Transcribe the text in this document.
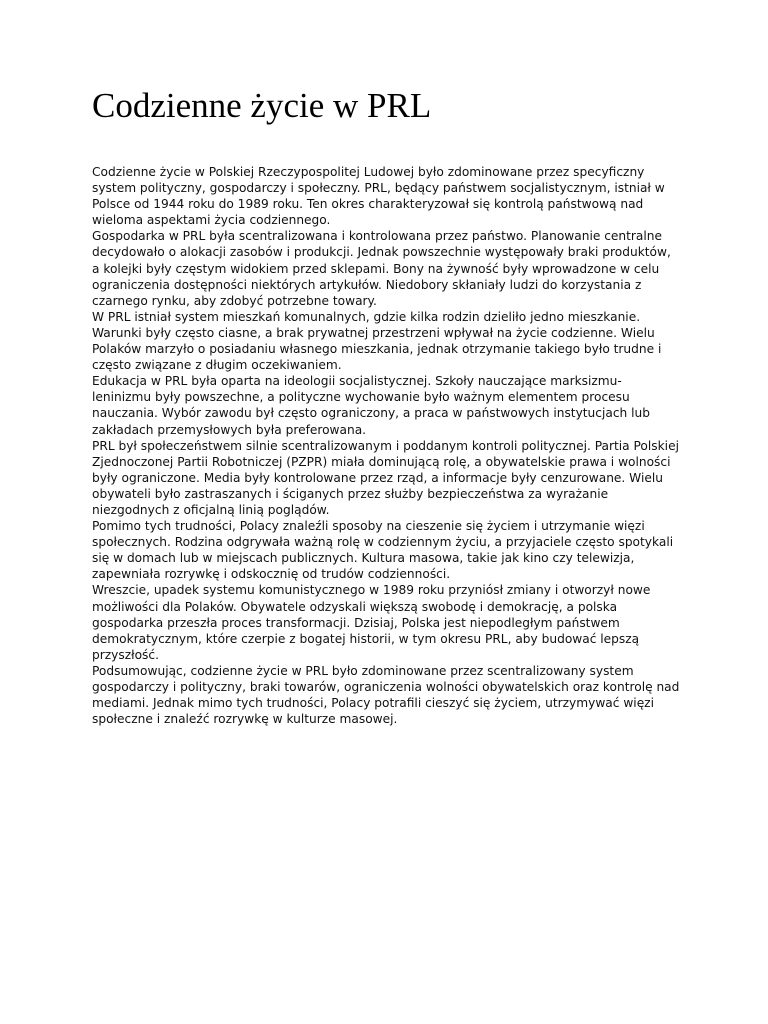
Codzienne życie w PRL

Codzienne życie w Polskiej Rzeczypospolitej Ludowej było zdominowane przez specyficzny system polityczny, gospodarczy i społeczny. PRL, będący państwem socjalistycznym, istniał w Polsce od 1944 roku do 1989 roku. Ten okres charakteryzował się kontrolą państwową nad wieloma aspektami życia codziennego.

Gospodarka w PRL była scentralizowana i kontrolowana przez państwo. Planowanie centralne decydowało o alokacji zasobów i produkcji. Jednak powszechnie występowały braki produktów, a kolejki były częstym widokiem przed sklepami. Bony na żywność były wprowadzone w celu ograniczenia dostępności niektórych artykułów. Niedobory skłaniały ludzi do korzystania z czarnego rynku, aby zdobyć potrzebne towary.

W PRL istniał system mieszkań komunalnych, gdzie kilka rodzin dzieliło jedno mieszkanie. Warunki były często ciasne, a brak prywatnej przestrzeni wpływał na życie codzienne. Wielu Polaków marzyło o posiadaniu własnego mieszkania, jednak otrzymanie takiego było trudne i często związane z długim oczekiwaniem.

Edukacja w PRL była oparta na ideologii socjalistycznej. Szkoły nauczające marksizmu-leninizmu były powszechne, a polityczne wychowanie było ważnym elementem procesu nauczania. Wybór zawodu był często ograniczony, a praca w państwowych instytucjach lub zakładach przemysłowych była preferowana.

PRL był społeczeństwem silnie scentralizowanym i poddanym kontroli politycznej. Partia Polskiej Zjednoczonej Partii Robotniczej (PZPR) miała dominującą rolę, a obywatelskie prawa i wolności były ograniczone. Media były kontrolowane przez rząd, a informacje były cenzurowane. Wielu obywateli było zastraszanych i ściganych przez służby bezpieczeństwa za wyrażanie niezgodnych z oficjalną linią poglądów.

Pomimo tych trudności, Polacy znaleźli sposoby na cieszenie się życiem i utrzymanie więzi społecznych. Rodzina odgrywała ważną rolę w codziennym życiu, a przyjaciele często spotykali się w domach lub w miejscach publicznych. Kultura masowa, takie jak kino czy telewizja, zapewniała rozrywkę i odskocznię od trudów codzienności.

Wreszcie, upadek systemu komunistycznego w 1989 roku przyniósł zmiany i otworzył nowe możliwości dla Polaków. Obywatele odzyskali większą swobodę i demokrację, a polska gospodarka przeszła proces transformacji. Dzisiaj, Polska jest niepodległym państwem demokratycznym, które czerpie z bogatej historii, w tym okresu PRL, aby budować lepszą przyszłość.

Podsumowując, codzienne życie w PRL było zdominowane przez scentralizowany system gospodarczy i polityczny, braki towarów, ograniczenia wolności obywatelskich oraz kontrolę nad mediami. Jednak mimo tych trudności, Polacy potrafili cieszyć się życiem, utrzymywać więzi społeczne i znaleźć rozrywkę w kulturze masowej.
